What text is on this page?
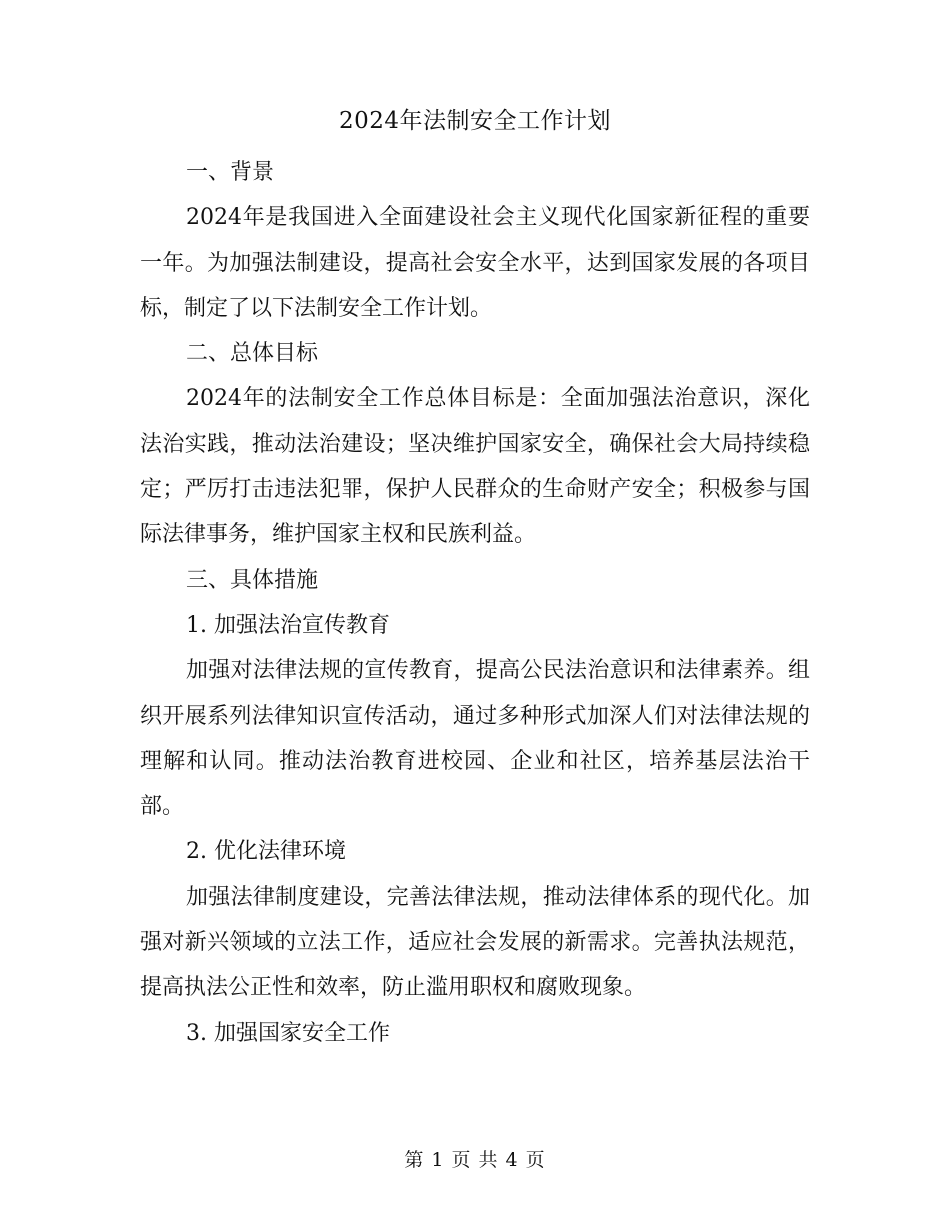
2024年法制安全工作计划

一、背景

2024年是我国进入全面建设社会主义现代化国家新征程的重要一年。为加强法制建设，提高社会安全水平，达到国家发展的各项目标，制定了以下法制安全工作计划。

二、总体目标

2024年的法制安全工作总体目标是：全面加强法治意识，深化法治实践，推动法治建设；坚决维护国家安全，确保社会大局持续稳定；严厉打击违法犯罪，保护人民群众的生命财产安全；积极参与国际法律事务，维护国家主权和民族利益。

三、具体措施

1. 加强法治宣传教育

加强对法律法规的宣传教育，提高公民法治意识和法律素养。组织开展系列法律知识宣传活动，通过多种形式加深人们对法律法规的理解和认同。推动法治教育进校园、企业和社区，培养基层法治干部。

2. 优化法律环境

加强法律制度建设，完善法律法规，推动法律体系的现代化。加强对新兴领域的立法工作，适应社会发展的新需求。完善执法规范，提高执法公正性和效率，防止滥用职权和腐败现象。

3. 加强国家安全工作

第 1 页 共 4 页
